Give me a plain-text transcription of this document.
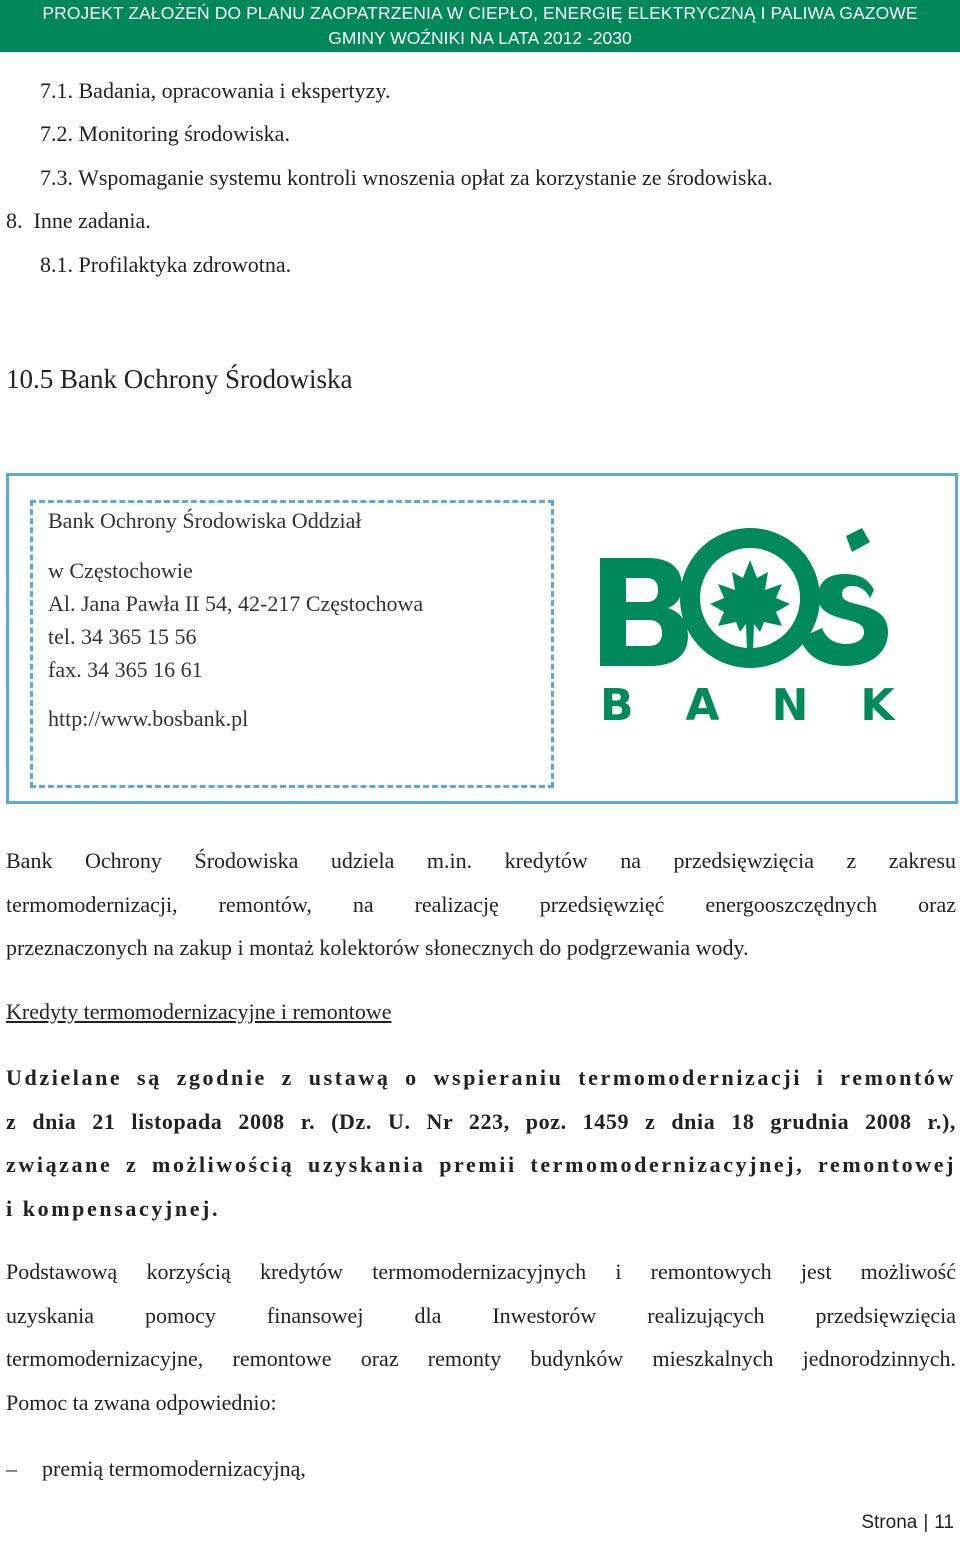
PROJEKT ZAŁOŻEŃ DO PLANU ZAOPATRZENIA W CIEPŁO, ENERGIĘ ELEKTRYCZNĄ I PALIWA GAZOWE
GMINY WOŹNIKI NA LATA 2012 -2030
7.1. Badania, opracowania i ekspertyzy.
7.2. Monitoring środowiska.
7.3. Wspomaganie systemu kontroli wnoszenia opłat za korzystanie ze środowiska.
8.  Inne zadania.
8.1. Profilaktyka zdrowotna.
10.5 Bank Ochrony Środowiska
Bank Ochrony Środowiska Oddział
w Częstochowie
Al. Jana Pawła II 54, 42-217 Częstochowa
tel. 34 365 15 56
fax. 34 365 16 61
http://www.bosbank.pl	BANK
Bank Ochrony Środowiska udziela m.in. kredytów na przedsięwzięcia z zakresu
termomodernizacji, remontów, na realizację przedsięwzięć energooszczędnych oraz
przeznaczonych na zakup i montaż kolektorów słonecznych do podgrzewania wody.
Kredyty termomodernizacyjne i remontowe
Udzielane są zgodnie z ustawą o wspieraniu termomodernizacji i remontów
z dnia 21 listopada 2008 r. (Dz. U. Nr 223, poz. 1459 z dnia 18 grudnia 2008 r.),
związane z możliwością uzyskania premii termomodernizacyjnej, remontowej
i kompensacyjnej.
Podstawową korzyścią kredytów termomodernizacyjnych i remontowych jest możliwość
uzyskania pomocy finansowej dla Inwestorów realizujących przedsięwzięcia
termomodernizacyjne, remontowe oraz remonty budynków mieszkalnych jednorodzinnych.
Pomoc ta zwana odpowiednio:
– premią termomodernizacyjną,
Strona | 11
